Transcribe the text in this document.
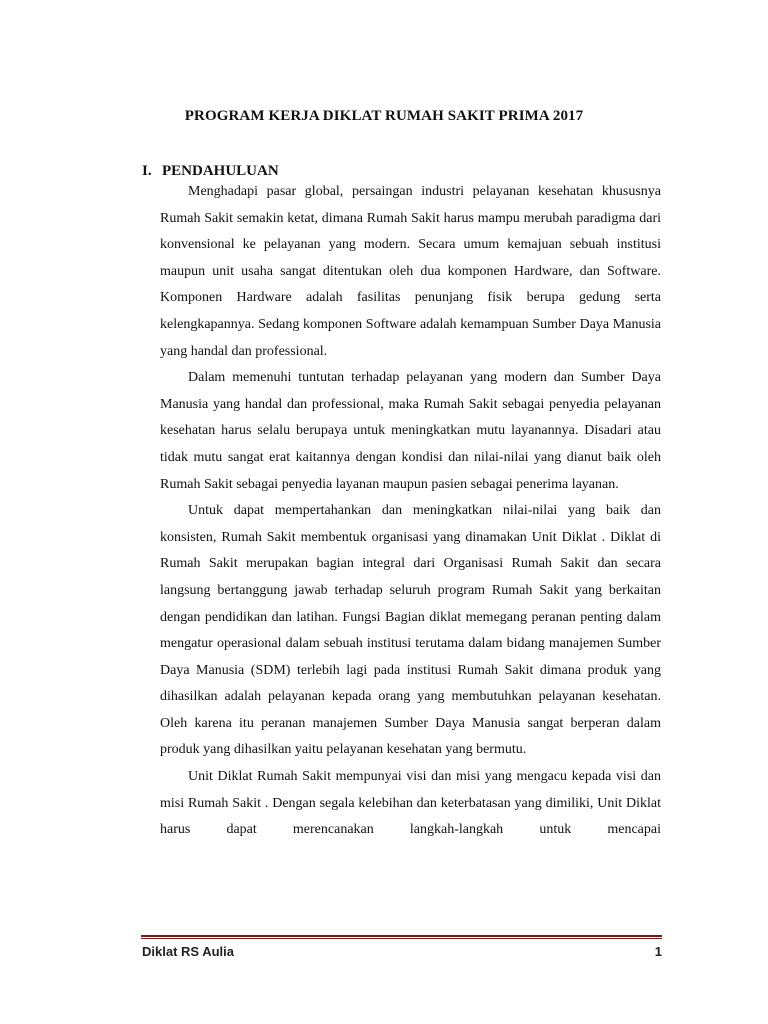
PROGRAM KERJA DIKLAT RUMAH SAKIT PRIMA 2017
I. PENDAHULUAN

Menghadapi pasar global, persaingan industri pelayanan kesehatan khususnya Rumah Sakit semakin ketat, dimana Rumah Sakit harus mampu merubah paradigma dari konvensional ke pelayanan yang modern. Secara umum kemajuan sebuah institusi maupun unit usaha sangat ditentukan oleh dua komponen Hardware, dan Software. Komponen Hardware adalah fasilitas penunjang fisik berupa gedung serta kelengkapannya. Sedang komponen Software adalah kemampuan Sumber Daya Manusia yang handal dan professional.

Dalam memenuhi tuntutan terhadap pelayanan yang modern dan Sumber Daya Manusia yang handal dan professional, maka Rumah Sakit sebagai penyedia pelayanan kesehatan harus selalu berupaya untuk meningkatkan mutu layanannya. Disadari atau tidak mutu sangat erat kaitannya dengan kondisi dan nilai-nilai yang dianut baik oleh Rumah Sakit sebagai penyedia layanan maupun pasien sebagai penerima layanan.

Untuk dapat mempertahankan dan meningkatkan nilai-nilai yang baik dan konsisten, Rumah Sakit membentuk organisasi yang dinamakan Unit Diklat . Diklat di Rumah Sakit merupakan bagian integral dari Organisasi Rumah Sakit dan secara langsung bertanggung jawab terhadap seluruh program Rumah Sakit yang berkaitan dengan pendidikan dan latihan. Fungsi Bagian diklat memegang peranan penting dalam mengatur operasional dalam sebuah institusi terutama dalam bidang manajemen Sumber Daya Manusia (SDM) terlebih lagi pada institusi Rumah Sakit dimana produk yang dihasilkan adalah pelayanan kepada orang yang membutuhkan pelayanan kesehatan. Oleh karena itu peranan manajemen Sumber Daya Manusia sangat berperan dalam produk yang dihasilkan yaitu pelayanan kesehatan yang bermutu.

Unit Diklat Rumah Sakit mempunyai visi dan misi yang mengacu kepada visi dan misi Rumah Sakit . Dengan segala kelebihan dan keterbatasan yang dimiliki, Unit Diklat harus dapat merencanakan langkah-langkah untuk mencapai

Diklat RS Aulia	1
